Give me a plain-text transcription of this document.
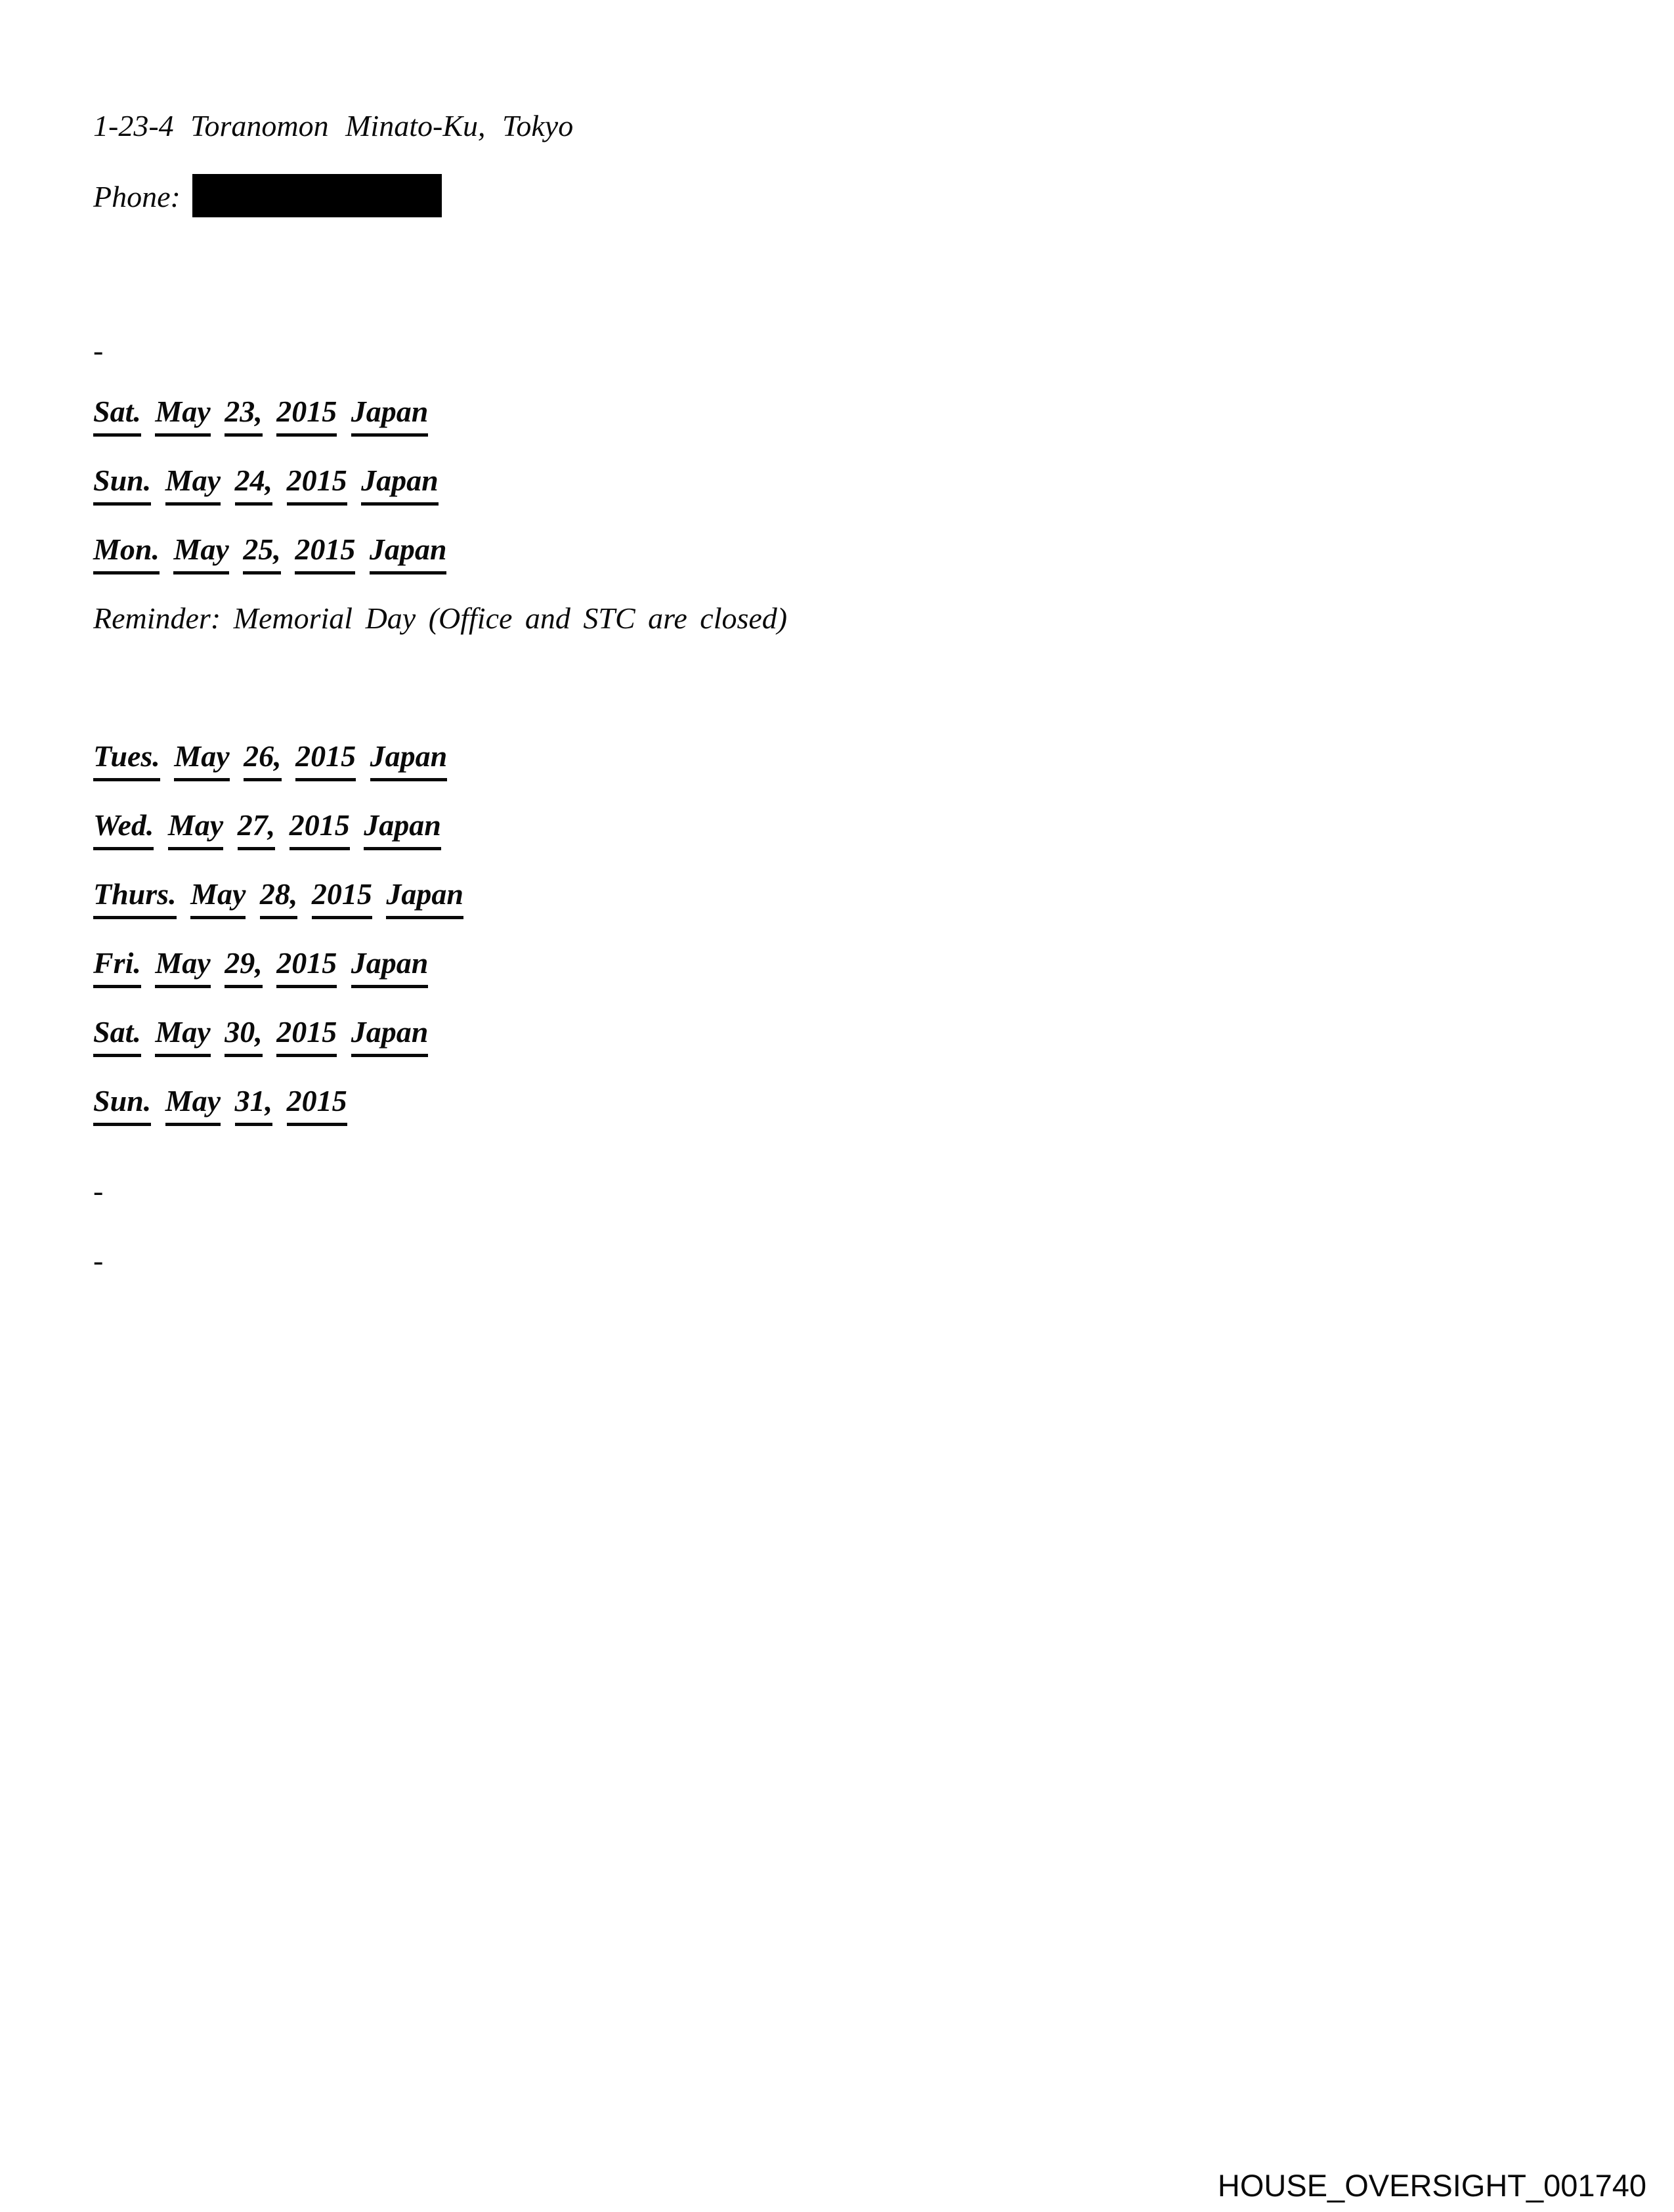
1-23-4 Toranomon Minato-Ku, Tokyo
Phone:
-
Sat. May 23, 2015 Japan
Sun. May 24, 2015 Japan
Mon. May 25, 2015 Japan
Reminder: Memorial Day (Office and STC are closed)
Tues. May 26, 2015 Japan
Wed. May 27, 2015 Japan
Thurs. May 28, 2015 Japan
Fri. May 29, 2015 Japan
Sat. May 30, 2015 Japan
Sun. May 31, 2015
-
-
HOUSE_OVERSIGHT_001740
